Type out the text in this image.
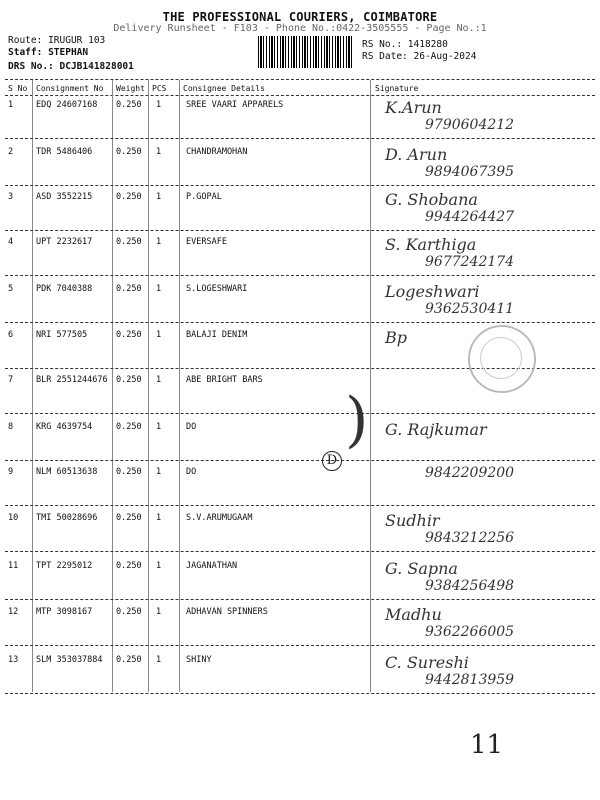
THE PROFESSIONAL COURIERS, COIMBATORE
Delivery Runsheet - F103 - Phone No.:0422-3505555 - Page No.:1
Route: IRUGUR 103
Staff: STEPHAN
DRS No.: DCJB141828001
RS No.: 1418280
RS Date: 26-Aug-2024
S No Consignment No Weight PCS Consignee Details	Signature
1	EDQ 24607168 0.250 1	SREE VAARI APPARELS	K.Arun
9790604212
2	TDR 5486406	0.250 1	CHANDRAMOHAN	D. Arun
9894067395
3	ASD 3552215	0.250 1	P.GOPAL	G. Shobana
9944264427
4	UPT 2232617	0.250 1	EVERSAFE	S. Karthiga
9677242174
5	PDK 7040388	0.250 1	S.LOGESHWARI	Logeshwari
9362530411
6	NRI 577505	0.250 1	BALAJI DENIM	Bp
7	BLR 2551244676 0.250 1	ABE BRIGHT BARS
8	KRG 4639754	0.250 1	DO	G. Rajkumar
9	NLM 60513638 0.250 1	DO	9842209200
10 TMI 50028696 0.250 1	S.V.ARUMUGAAM	Sudhir
9843212256
11 TPT 2295012	0.250 1	JAGANATHAN	G. Sapna
9384256498
12 MTP 3098167	0.250 1	ADHAVAN SPINNERS	Madhu
9362266005
13 SLM 353037884 0.250 1	SHINY	C. Sureshi
9442813959
)
D
11
